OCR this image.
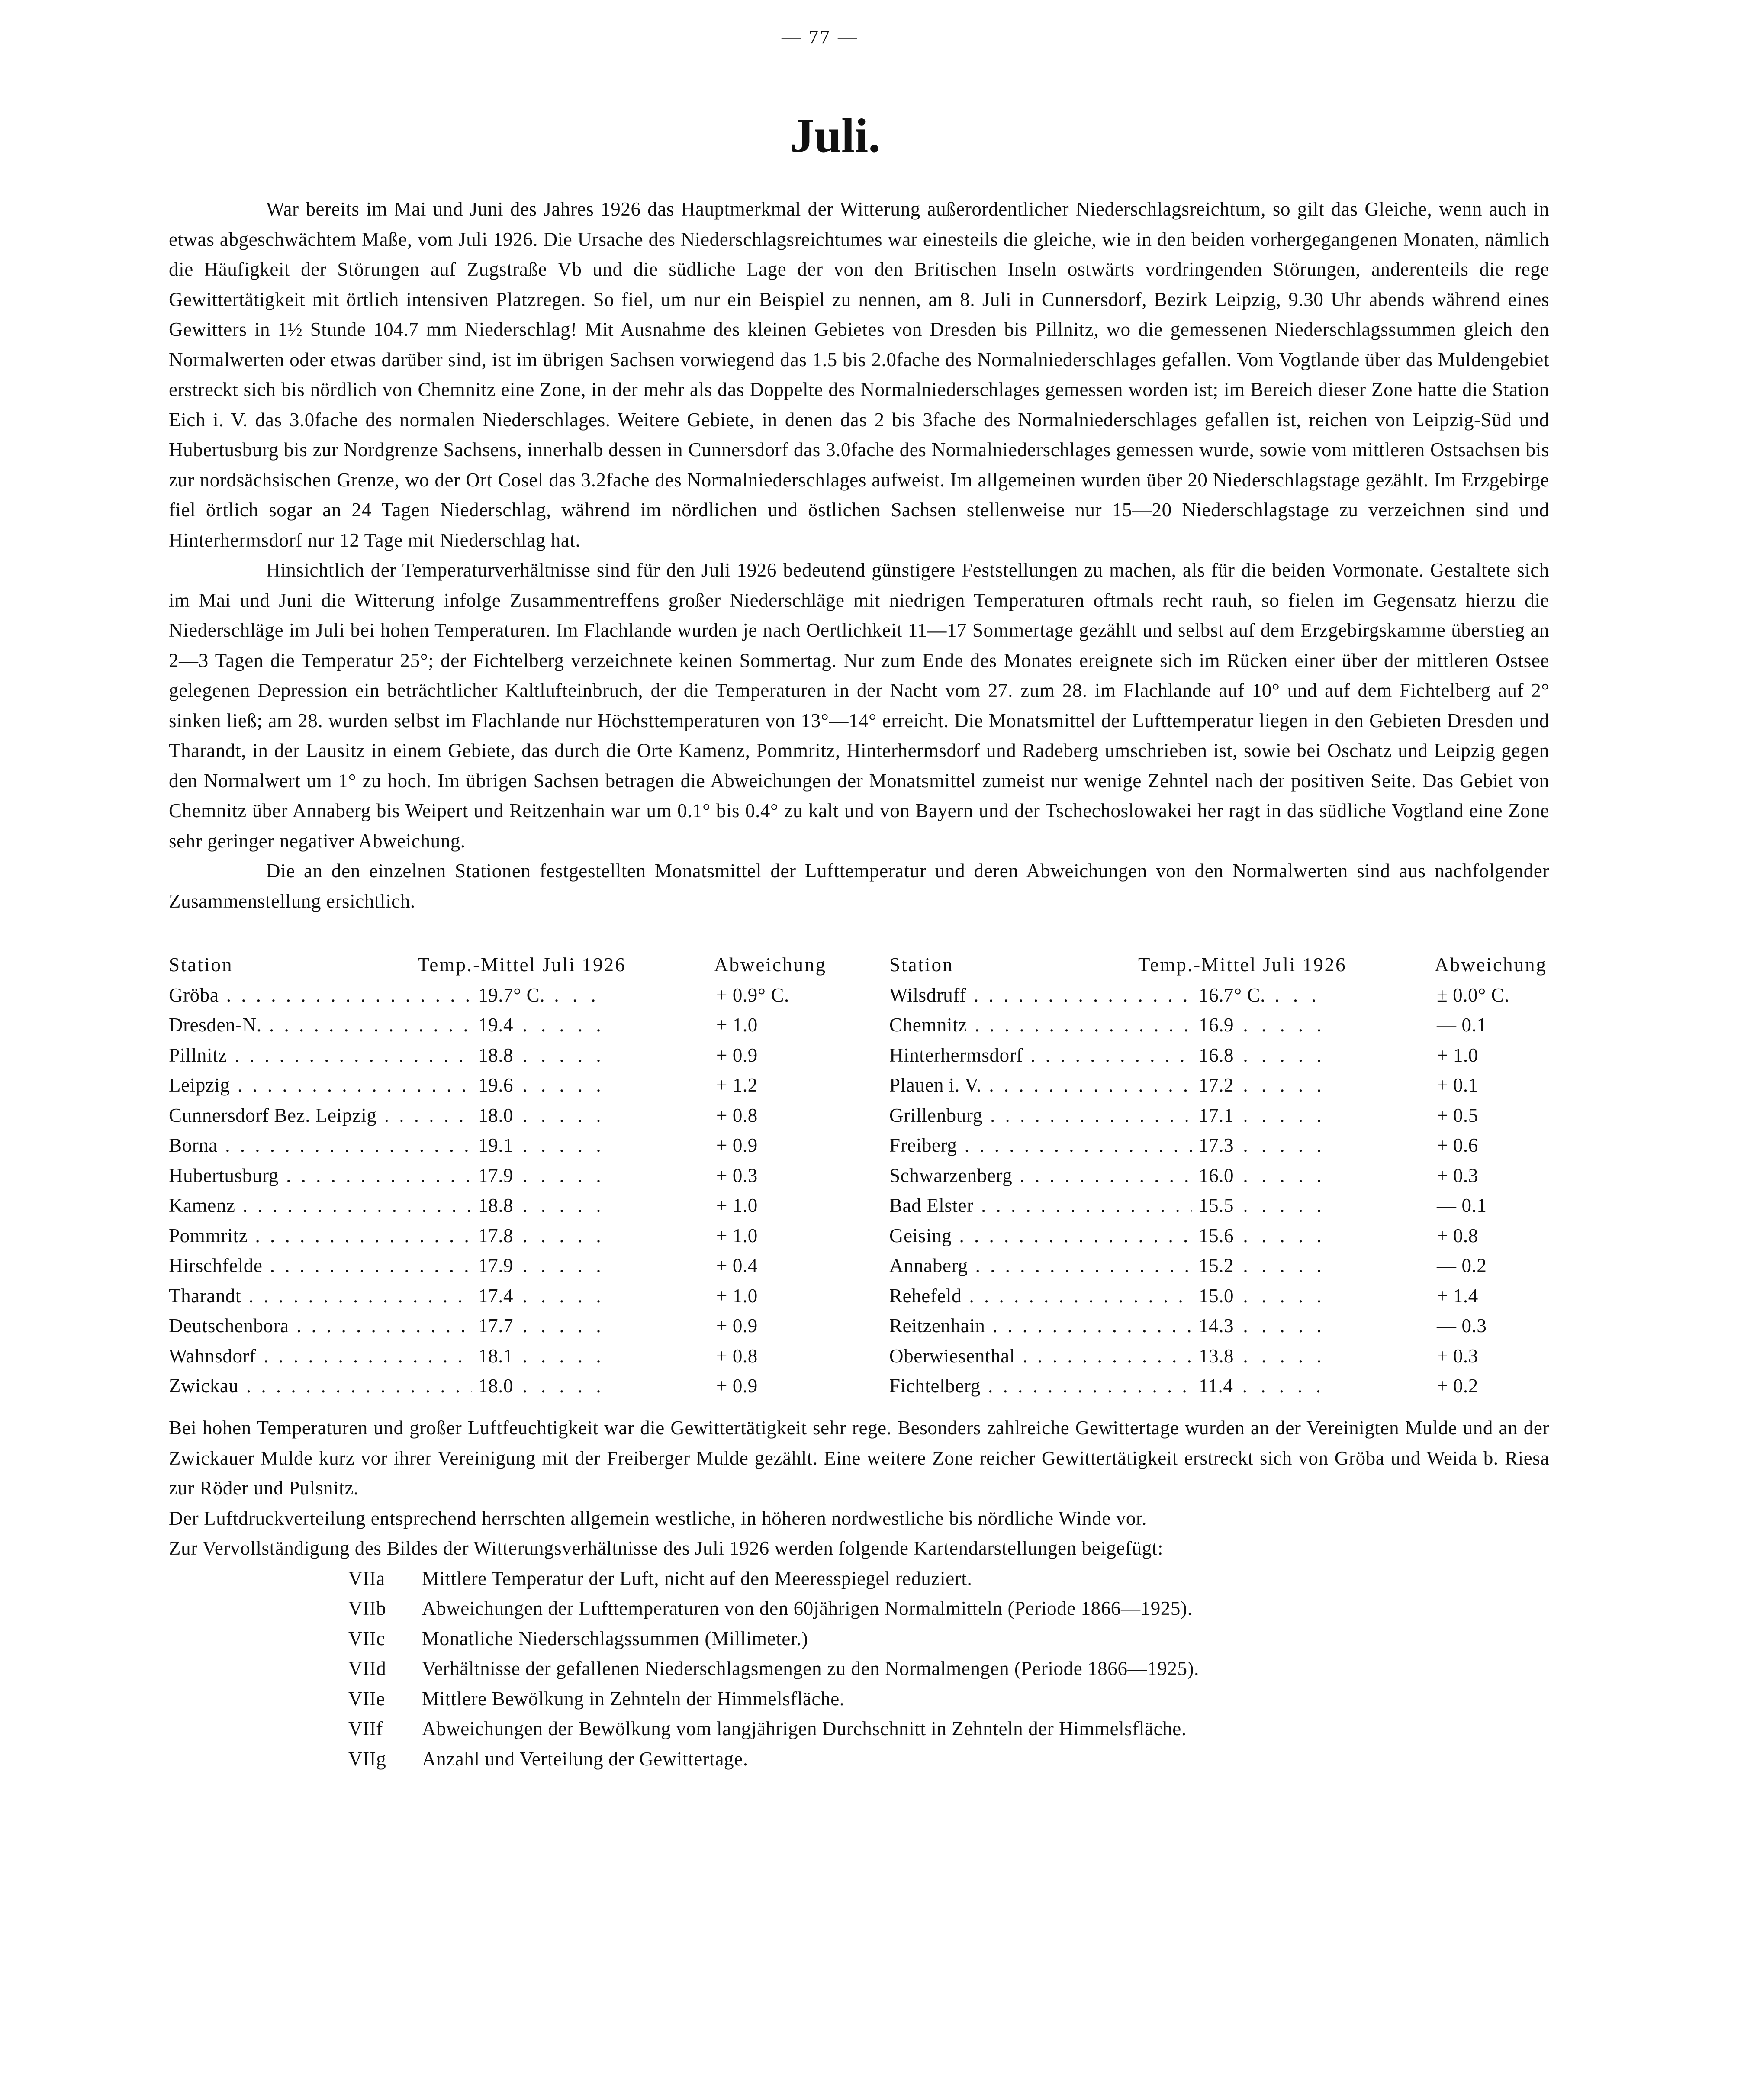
— 77 —
Juli.

War bereits im Mai und Juni des Jahres 1926 das Hauptmerkmal der Witterung außerordentlicher Niederschlagsreichtum, so gilt das Gleiche, wenn auch in etwas abgeschwächtem Maße, vom Juli 1926. Die Ursache des Niederschlagsreichtumes war einesteils die gleiche, wie in den beiden vorhergegangenen Monaten, nämlich die Häufigkeit der Störungen auf Zugstraße Vb und die südliche Lage der von den Britischen Inseln ostwärts vordringenden Störungen, anderenteils die rege Gewittertätigkeit mit örtlich intensiven Platzregen. So fiel, um nur ein Beispiel zu nennen, am 8. Juli in Cunnersdorf, Bezirk Leipzig, 9.30 Uhr abends während eines Gewitters in 1½ Stunde 104.7 mm Niederschlag! Mit Ausnahme des kleinen Gebietes von Dresden bis Pillnitz, wo die gemessenen Niederschlagssummen gleich den Normalwerten oder etwas darüber sind, ist im übrigen Sachsen vorwiegend das 1.5 bis 2.0fache des Normalniederschlages gefallen. Vom Vogtlande über das Muldengebiet erstreckt sich bis nördlich von Chemnitz eine Zone, in der mehr als das Doppelte des Normalniederschlages gemessen worden ist; im Bereich dieser Zone hatte die Station Eich i. V. das 3.0fache des normalen Niederschlages. Weitere Gebiete, in denen das 2 bis 3fache des Normalniederschlages gefallen ist, reichen von Leipzig-Süd und Hubertusburg bis zur Nordgrenze Sachsens, innerhalb dessen in Cunnersdorf das 3.0fache des Normalniederschlages gemessen wurde, sowie vom mittleren Ostsachsen bis zur nordsächsischen Grenze, wo der Ort Cosel das 3.2fache des Normalniederschlages aufweist. Im allgemeinen wurden über 20 Niederschlagstage gezählt. Im Erzgebirge fiel örtlich sogar an 24 Tagen Niederschlag, während im nördlichen und östlichen Sachsen stellenweise nur 15—20 Niederschlagstage zu verzeichnen sind und Hinterhermsdorf nur 12 Tage mit Niederschlag hat.

Hinsichtlich der Temperaturverhältnisse sind für den Juli 1926 bedeutend günstigere Feststellungen zu machen, als für die beiden Vormonate. Gestaltete sich im Mai und Juni die Witterung infolge Zusammentreffens großer Niederschläge mit niedrigen Temperaturen oftmals recht rauh, so fielen im Gegensatz hierzu die Niederschläge im Juli bei hohen Temperaturen. Im Flachlande wurden je nach Oertlichkeit 11—17 Sommertage gezählt und selbst auf dem Erzgebirgskamme überstieg an 2—3 Tagen die Temperatur 25°; der Fichtelberg verzeichnete keinen Sommertag. Nur zum Ende des Monates ereignete sich im Rücken einer über der mittleren Ostsee gelegenen Depression ein beträchtlicher Kaltlufteinbruch, der die Temperaturen in der Nacht vom 27. zum 28. im Flachlande auf 10° und auf dem Fichtelberg auf 2° sinken ließ; am 28. wurden selbst im Flachlande nur Höchsttemperaturen von 13°—14° erreicht. Die Monatsmittel der Lufttemperatur liegen in den Gebieten Dresden und Tharandt, in der Lausitz in einem Gebiete, das durch die Orte Kamenz, Pommritz, Hinterhermsdorf und Radeberg umschrieben ist, sowie bei Oschatz und Leipzig gegen den Normalwert um 1° zu hoch. Im übrigen Sachsen betragen die Abweichungen der Monatsmittel zumeist nur wenige Zehntel nach der positiven Seite. Das Gebiet von Chemnitz über Annaberg bis Weipert und Reitzenhain war um 0.1° bis 0.4° zu kalt und von Bayern und der Tschechoslowakei her ragt in das südliche Vogtland eine Zone sehr geringer negativer Abweichung.

Die an den einzelnen Stationen festgestellten Monatsmittel der Lufttemperatur und deren Abweichungen von den Normalwerten sind aus nachfolgender Zusammenstellung ersichtlich.

Station	Temp.-Mittel Juli 1926	Abweichung
Gröba . . .	19.7° C. . . .	+ 0.9° C.
Dresden-N. . . .	19.4 . . .	+ 1.0
Pillnitz . . .	18.8 . . .	+ 0.9
Leipzig . . .	19.6 . . .	+ 1.2
Cunnersdorf Bez. Leipzig . . .	18.0 . . .	+ 0.8
Borna . . .	19.1 . . .	+ 0.9
Hubertusburg . . .	17.9 . . .	+ 0.3
Kamenz . . .	18.8 . . .	+ 1.0
Pommritz . . .	17.8 . . .	+ 1.0
Hirschfelde . . .	17.9 . . .	+ 0.4
Tharandt . . .	17.4 . . .	+ 1.0
Deutschenbora . . .	17.7 . . .	+ 0.9
Wahnsdorf . . .	18.1 . . .	+ 0.8
Zwickau . . .	18.0 . . .	+ 0.9
Station	Temp.-Mittel Juli 1926	Abweichung
Wilsdruff . . .	16.7° C. . . .	± 0.0° C.
Chemnitz . . .	16.9 . . .	— 0.1
Hinterhermsdorf . . .	16.8 . . .	+ 1.0
Plauen i. V. . . .	17.2 . . .	+ 0.1
Grillenburg . . .	17.1 . . .	+ 0.5
Freiberg . . .	17.3 . . .	+ 0.6
Schwarzenberg . . .	16.0 . . .	+ 0.3
Bad Elster . . .	15.5 . . .	— 0.1
Geising . . .	15.6 . . .	+ 0.8
Annaberg . . .	15.2 . . .	— 0.2
Rehefeld . . .	15.0 . . .	+ 1.4
Reitzenhain . . .	14.3 . . .	— 0.3
Oberwiesenthal . . .	13.8 . . .	+ 0.3
Fichtelberg . . .	11.4 . . .	+ 0.2

Bei hohen Temperaturen und großer Luftfeuchtigkeit war die Gewittertätigkeit sehr rege. Besonders zahlreiche Gewittertage wurden an der Vereinigten Mulde und an der Zwickauer Mulde kurz vor ihrer Vereinigung mit der Freiberger Mulde gezählt. Eine weitere Zone reicher Gewittertätigkeit erstreckt sich von Gröba und Weida b. Riesa zur Röder und Pulsnitz.

Der Luftdruckverteilung entsprechend herrschten allgemein westliche, in höheren nordwestliche bis nördliche Winde vor.

Zur Vervollständigung des Bildes der Witterungsverhältnisse des Juli 1926 werden folgende Kartendarstellungen beigefügt:

VIIa Mittlere Temperatur der Luft, nicht auf den Meeresspiegel reduziert.
VIIb Abweichungen der Lufttemperaturen von den 60jährigen Normalmitteln (Periode 1866—1925).
VIIc Monatliche Niederschlagssummen (Millimeter.)
VIId Verhältnisse der gefallenen Niederschlagsmengen zu den Normalmengen (Periode 1866—1925).
VIIe Mittlere Bewölkung in Zehnteln der Himmelsfläche.
VIIf Abweichungen der Bewölkung vom langjährigen Durchschnitt in Zehnteln der Himmelsfläche.
VIIg Anzahl und Verteilung der Gewittertage.
